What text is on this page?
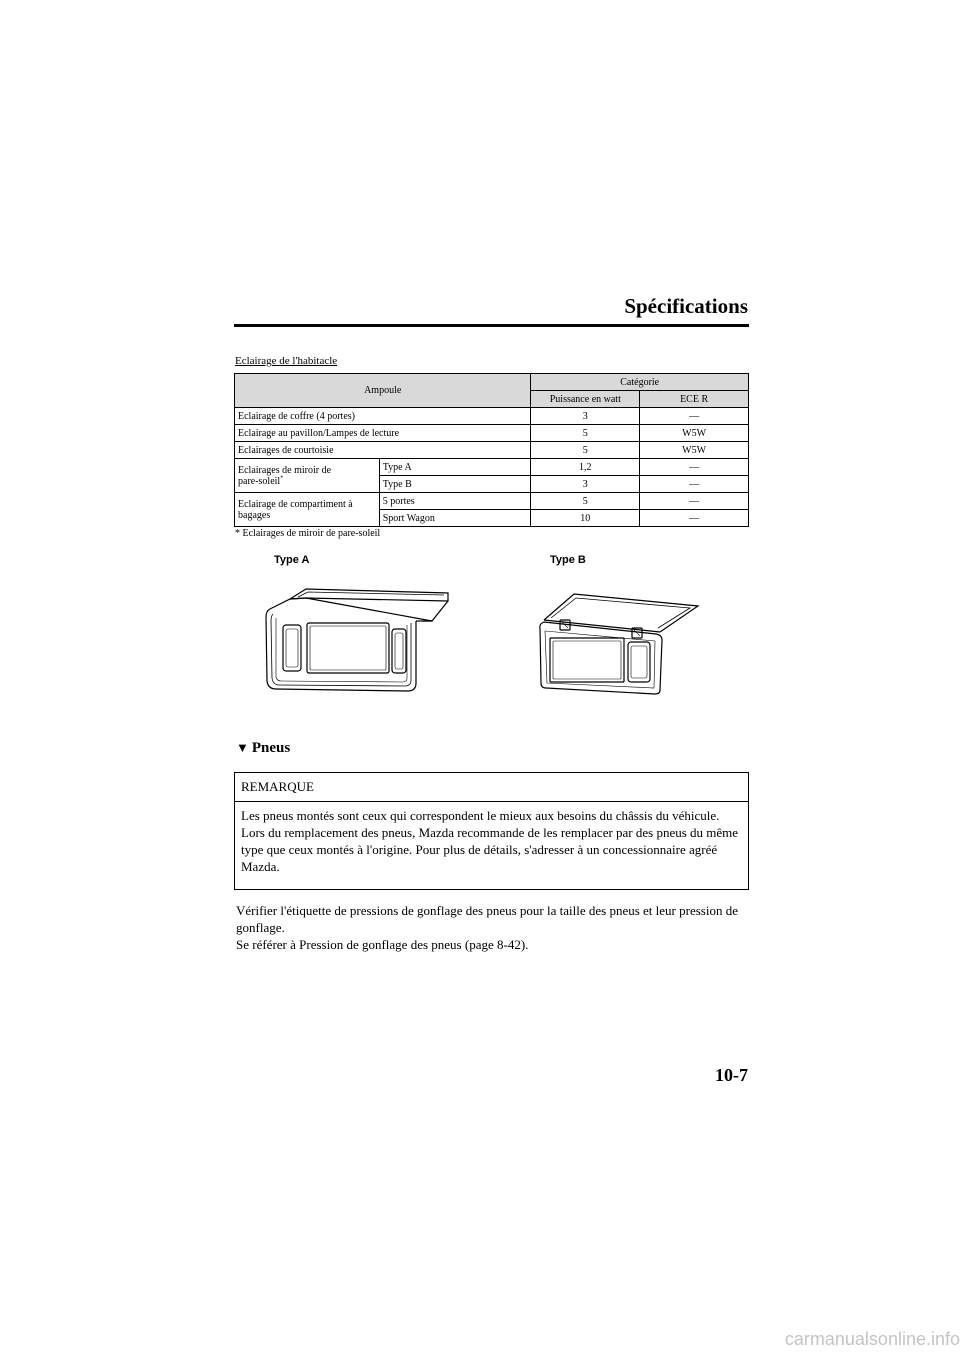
Spécifications
Eclairage de l'habitacle
Ampoule		Catégorie	
		Puissance en watt	ECE R
Eclairage de coffre (4 portes)		3	—
Eclairage au pavillon/Lampes de lecture		5	W5W
Eclairages de courtoisie		5	W5W
Eclairages de miroir de
pare-soleil*	Type A	1,2	—
	Type B	3	—
Eclairage de compartiment à
bagages	5 portes	5	—
	Sport Wagon	10	—
* Eclairages de miroir de pare-soleil
Type A	Type B
▼ Pneus
REMARQUE

Les pneus montés sont ceux qui correspondent le mieux aux besoins du châssis du véhicule.

Lors du remplacement des pneus, Mazda recommande de les remplacer par des pneus du même type que ceux montés à l'origine. Pour plus de détails, s'adresser à un concessionnaire agréé Mazda.

Vérifier l'étiquette de pressions de gonflage des pneus pour la taille des pneus et leur pression de gonflage.

Se référer à Pression de gonflage des pneus (page 8-42).

10-7
carmanualsonline.info
